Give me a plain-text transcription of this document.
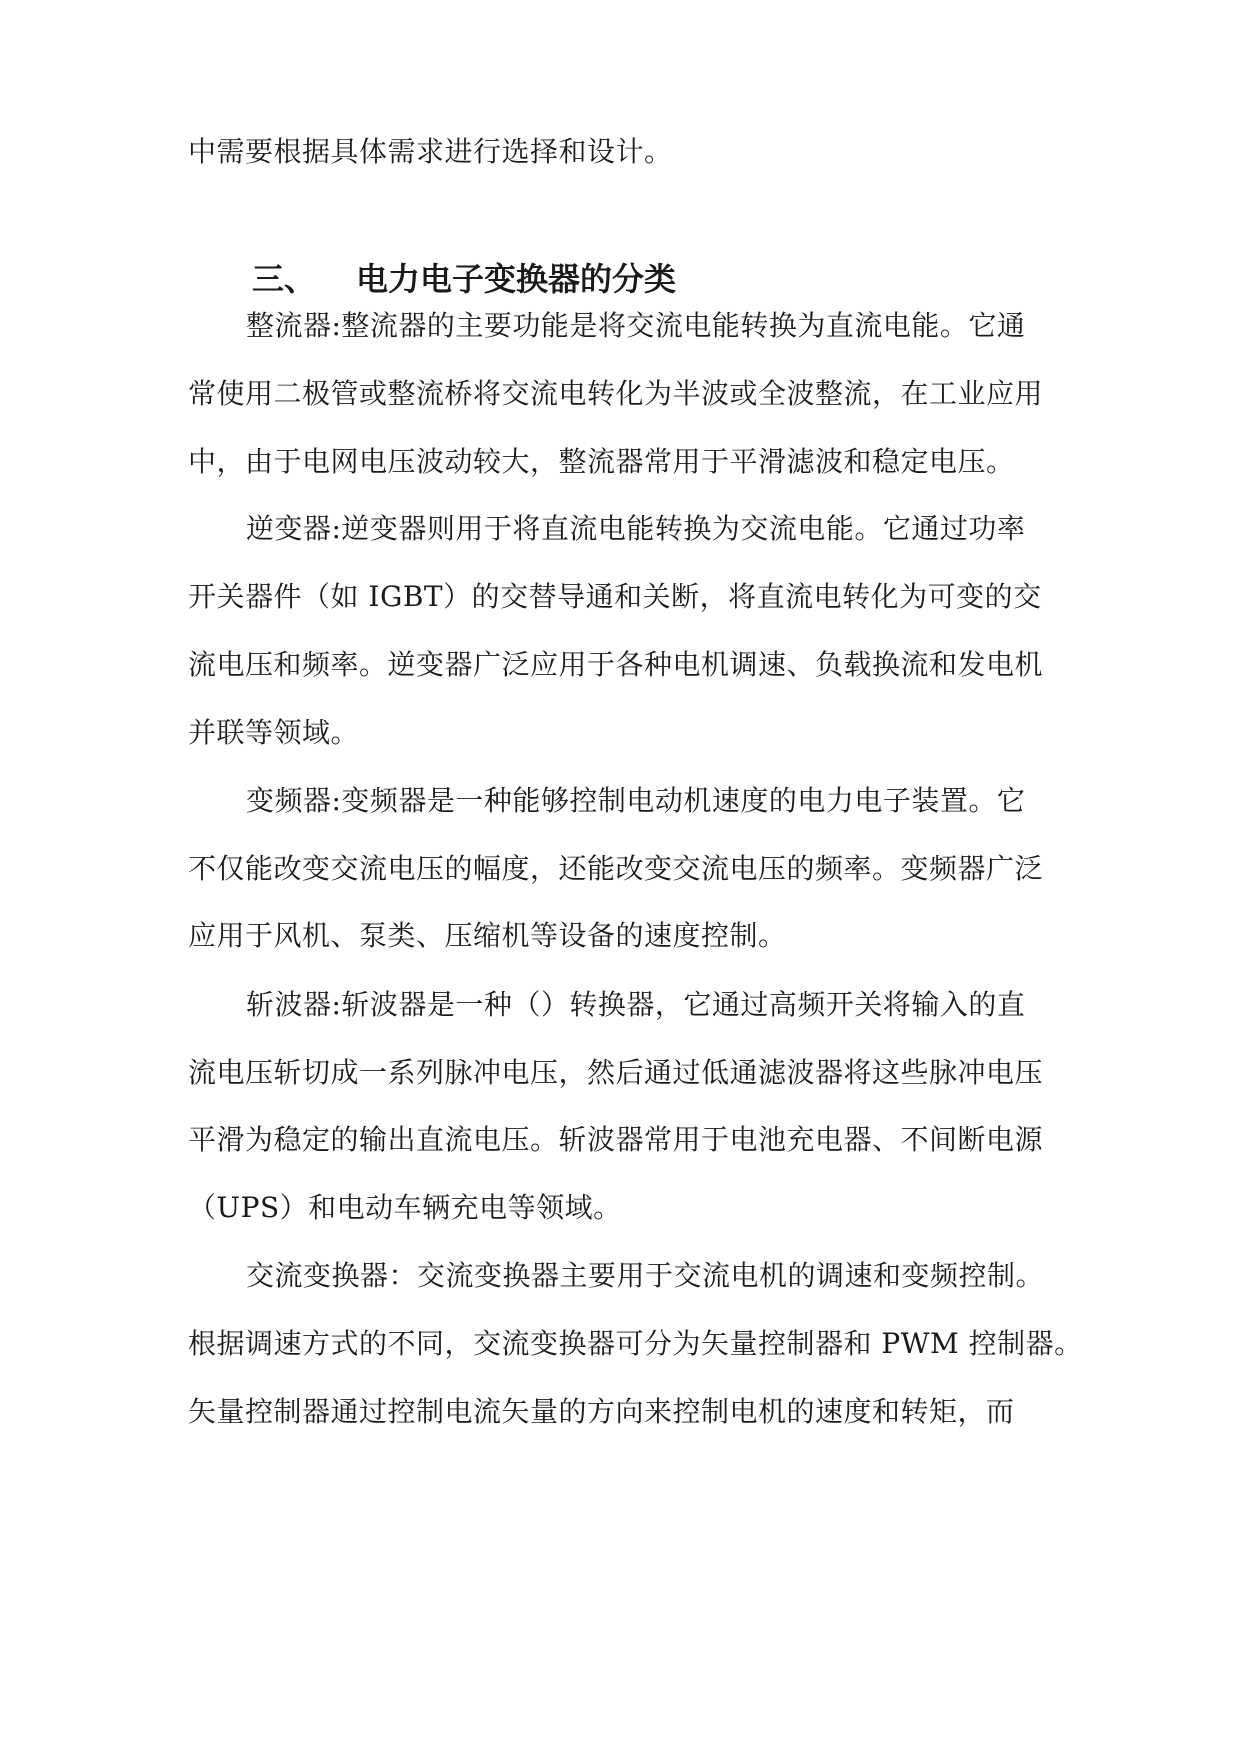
中需要根据具体需求进行选择和设计。
三、 电力电子变换器的分类
整流器:整流器的主要功能是将交流电能转换为直流电能。它通
常使用二极管或整流桥将交流电转化为半波或全波整流，在工业应用
中，由于电网电压波动较大，整流器常用于平滑滤波和稳定电压。
逆变器:逆变器则用于将直流电能转换为交流电能。它通过功率
开关器件（如 IGBT）的交替导通和关断，将直流电转化为可变的交
流电压和频率。逆变器广泛应用于各种电机调速、负载换流和发电机
并联等领域。
变频器:变频器是一种能够控制电动机速度的电力电子装置。它
不仅能改变交流电压的幅度，还能改变交流电压的频率。变频器广泛
应用于风机、泵类、压缩机等设备的速度控制。
斩波器:斩波器是一种（）转换器，它通过高频开关将输入的直
流电压斩切成一系列脉冲电压，然后通过低通滤波器将这些脉冲电压
平滑为稳定的输出直流电压。斩波器常用于电池充电器、不间断电源
（UPS）和电动车辆充电等领域。
交流变换器：交流变换器主要用于交流电机的调速和变频控制。
根据调速方式的不同，交流变换器可分为矢量控制器和 PWM 控制器。
矢量控制器通过控制电流矢量的方向来控制电机的速度和转矩，而
